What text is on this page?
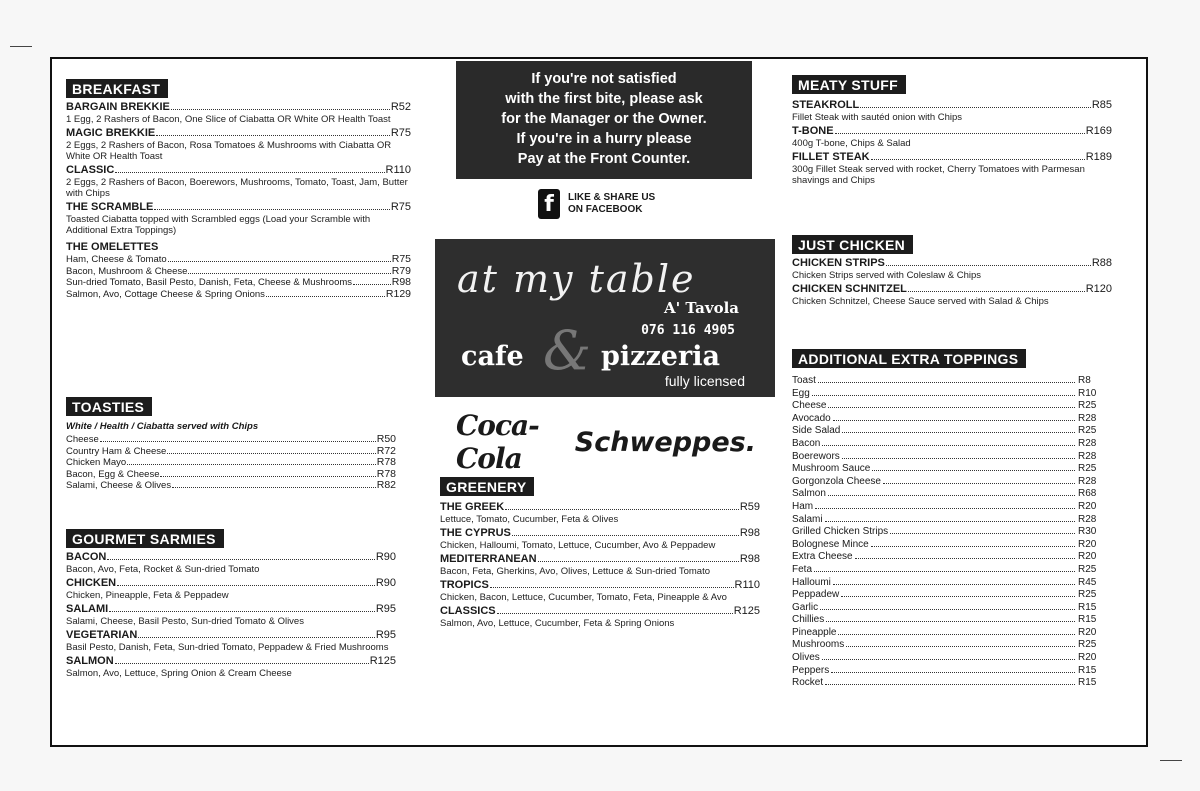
BREAKFAST
BARGAIN BREKKIE	R52
1 Egg, 2 Rashers of Bacon, One Slice of Ciabatta OR White OR Health Toast
MAGIC BREKKIE	R75
2 Eggs, 2 Rashers of Bacon, Rosa Tomatoes & Mushrooms with Ciabatta OR White OR Health Toast
CLASSIC	R110
2 Eggs, 2 Rashers of Bacon, Boerewors, Mushrooms, Tomato, Toast, Jam, Butter with Chips
THE SCRAMBLE	R75
Toasted Ciabatta topped with Scrambled eggs (Load your Scramble with Additional Extra Toppings)
THE OMELETTES
Ham, Cheese & Tomato	R75
Bacon, Mushroom & Cheese	R79
Sun-dried Tomato, Basil Pesto, Danish, Feta, Cheese & Mushrooms	R98
Salmon, Avo, Cottage Cheese & Spring Onions	R129
TOASTIES
White / Health / Ciabatta served with Chips
Cheese	R50
Country Ham & Cheese	R72
Chicken Mayo	R78
Bacon, Egg & Cheese	R78
Salami, Cheese & Olives	R82
GOURMET SARMIES
BACON	R90
Bacon, Avo, Feta, Rocket & Sun-dried Tomato
CHICKEN	R90
Chicken, Pineapple, Feta & Peppadew
SALAMI	R95
Salami, Cheese, Basil Pesto, Sun-dried Tomato & Olives
VEGETARIAN	R95
Basil Pesto, Danish, Feta, Sun-dried Tomato, Peppadew & Fried Mushrooms
SALMON	R125
Salmon, Avo, Lettuce, Spring Onion & Cream Cheese
If you're not satisfied
with the first bite, please ask
for the Manager or the Owner.
If you're in a hurry please
Pay at the Front Counter.
f	LIKE & SHARE US
ON FACEBOOK
at my table
A' Tavola
076 116 4905
&
cafe	pizzeria
fully licensed
Coca-Cola	Schweppes.
GREENERY
THE GREEK	R59
Lettuce, Tomato, Cucumber, Feta & Olives
THE CYPRUS	R98
Chicken, Halloumi, Tomato, Lettuce, Cucumber, Avo & Peppadew
MEDITERRANEAN	R98
Bacon, Feta, Gherkins, Avo, Olives, Lettuce & Sun-dried Tomato
TROPICS	R110
Chicken, Bacon, Lettuce, Cucumber, Tomato, Feta, Pineapple & Avo
CLASSICS	R125
Salmon, Avo, Lettuce, Cucumber, Feta & Spring Onions
MEATY STUFF
STEAKROLL	R85
Fillet Steak with sautéd onion with Chips
T-BONE	R169
400g T-bone, Chips & Salad
FILLET STEAK	R189
300g Fillet Steak served with rocket, Cherry Tomatoes with Parmesan shavings and Chips
JUST CHICKEN
CHICKEN STRIPS	R88
Chicken Strips served with Coleslaw & Chips
CHICKEN SCHNITZEL	R120
Chicken Schnitzel, Cheese Sauce served with Salad & Chips
ADDITIONAL EXTRA TOPPINGS
Toast	R8
Egg	R10
Cheese	R25
Avocado	R28
Side Salad	R25
Bacon	R28
Boerewors	R28
Mushroom Sauce	R25
Gorgonzola Cheese	R28
Salmon	R68
Ham	R20
Salami	R28
Grilled Chicken Strips	R30
Bolognese Mince	R20
Extra Cheese	R20
Feta	R25
Halloumi	R45
Peppadew	R25
Garlic	R15
Chillies	R15
Pineapple	R20
Mushrooms	R25
Olives	R20
Peppers	R15
Rocket	R15
